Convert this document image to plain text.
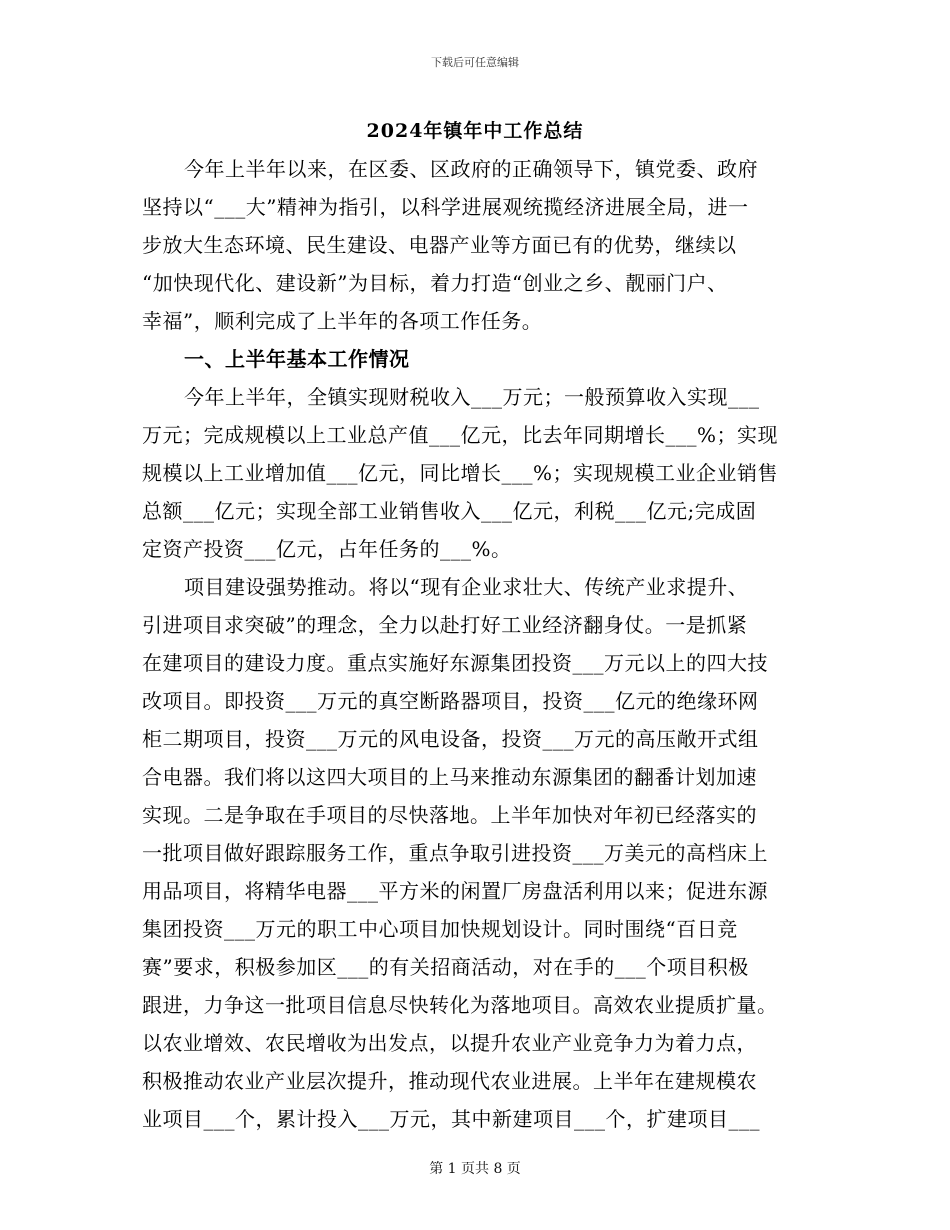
下载后可任意编辑
2024年镇年中工作总结
今年上半年以来，在区委、区政府的正确领导下，镇党委、政府
坚持以“___大”精神为指引，以科学进展观统揽经济进展全局，进一
步放大生态环境、民生建设、电器产业等方面已有的优势，继续以
“加快现代化、建设新”为目标，着力打造“创业之乡、靓丽门户、
幸福”，顺利完成了上半年的各项工作任务。
一、上半年基本工作情况
今年上半年，全镇实现财税收入___万元；一般预算收入实现___
万元；完成规模以上工业总产值___亿元，比去年同期增长___%；实现
规模以上工业增加值___亿元，同比增长___%；实现规模工业企业销售
总额___亿元；实现全部工业销售收入___亿元，利税___亿元;完成固
定资产投资___亿元，占年任务的___%。
项目建设强势推动。将以“现有企业求壮大、传统产业求提升、
引进项目求突破”的理念，全力以赴打好工业经济翻身仗。一是抓紧
在建项目的建设力度。重点实施好东源集团投资___万元以上的四大技
改项目。即投资___万元的真空断路器项目，投资___亿元的绝缘环网
柜二期项目，投资___万元的风电设备，投资___万元的高压敞开式组
合电器。我们将以这四大项目的上马来推动东源集团的翻番计划加速
实现。二是争取在手项目的尽快落地。上半年加快对年初已经落实的
一批项目做好跟踪服务工作，重点争取引进投资___万美元的高档床上
用品项目，将精华电器___平方米的闲置厂房盘活利用以来；促进东源
集团投资___万元的职工中心项目加快规划设计。同时围绕“百日竞
赛”要求，积极参加区___的有关招商活动，对在手的___个项目积极
跟进，力争这一批项目信息尽快转化为落地项目。高效农业提质扩量。
以农业增效、农民增收为出发点，以提升农业产业竞争力为着力点，
积极推动农业产业层次提升，推动现代农业进展。上半年在建规模农
业项目___个，累计投入___万元，其中新建项目___个，扩建项目___
第 1 页共 8 页
